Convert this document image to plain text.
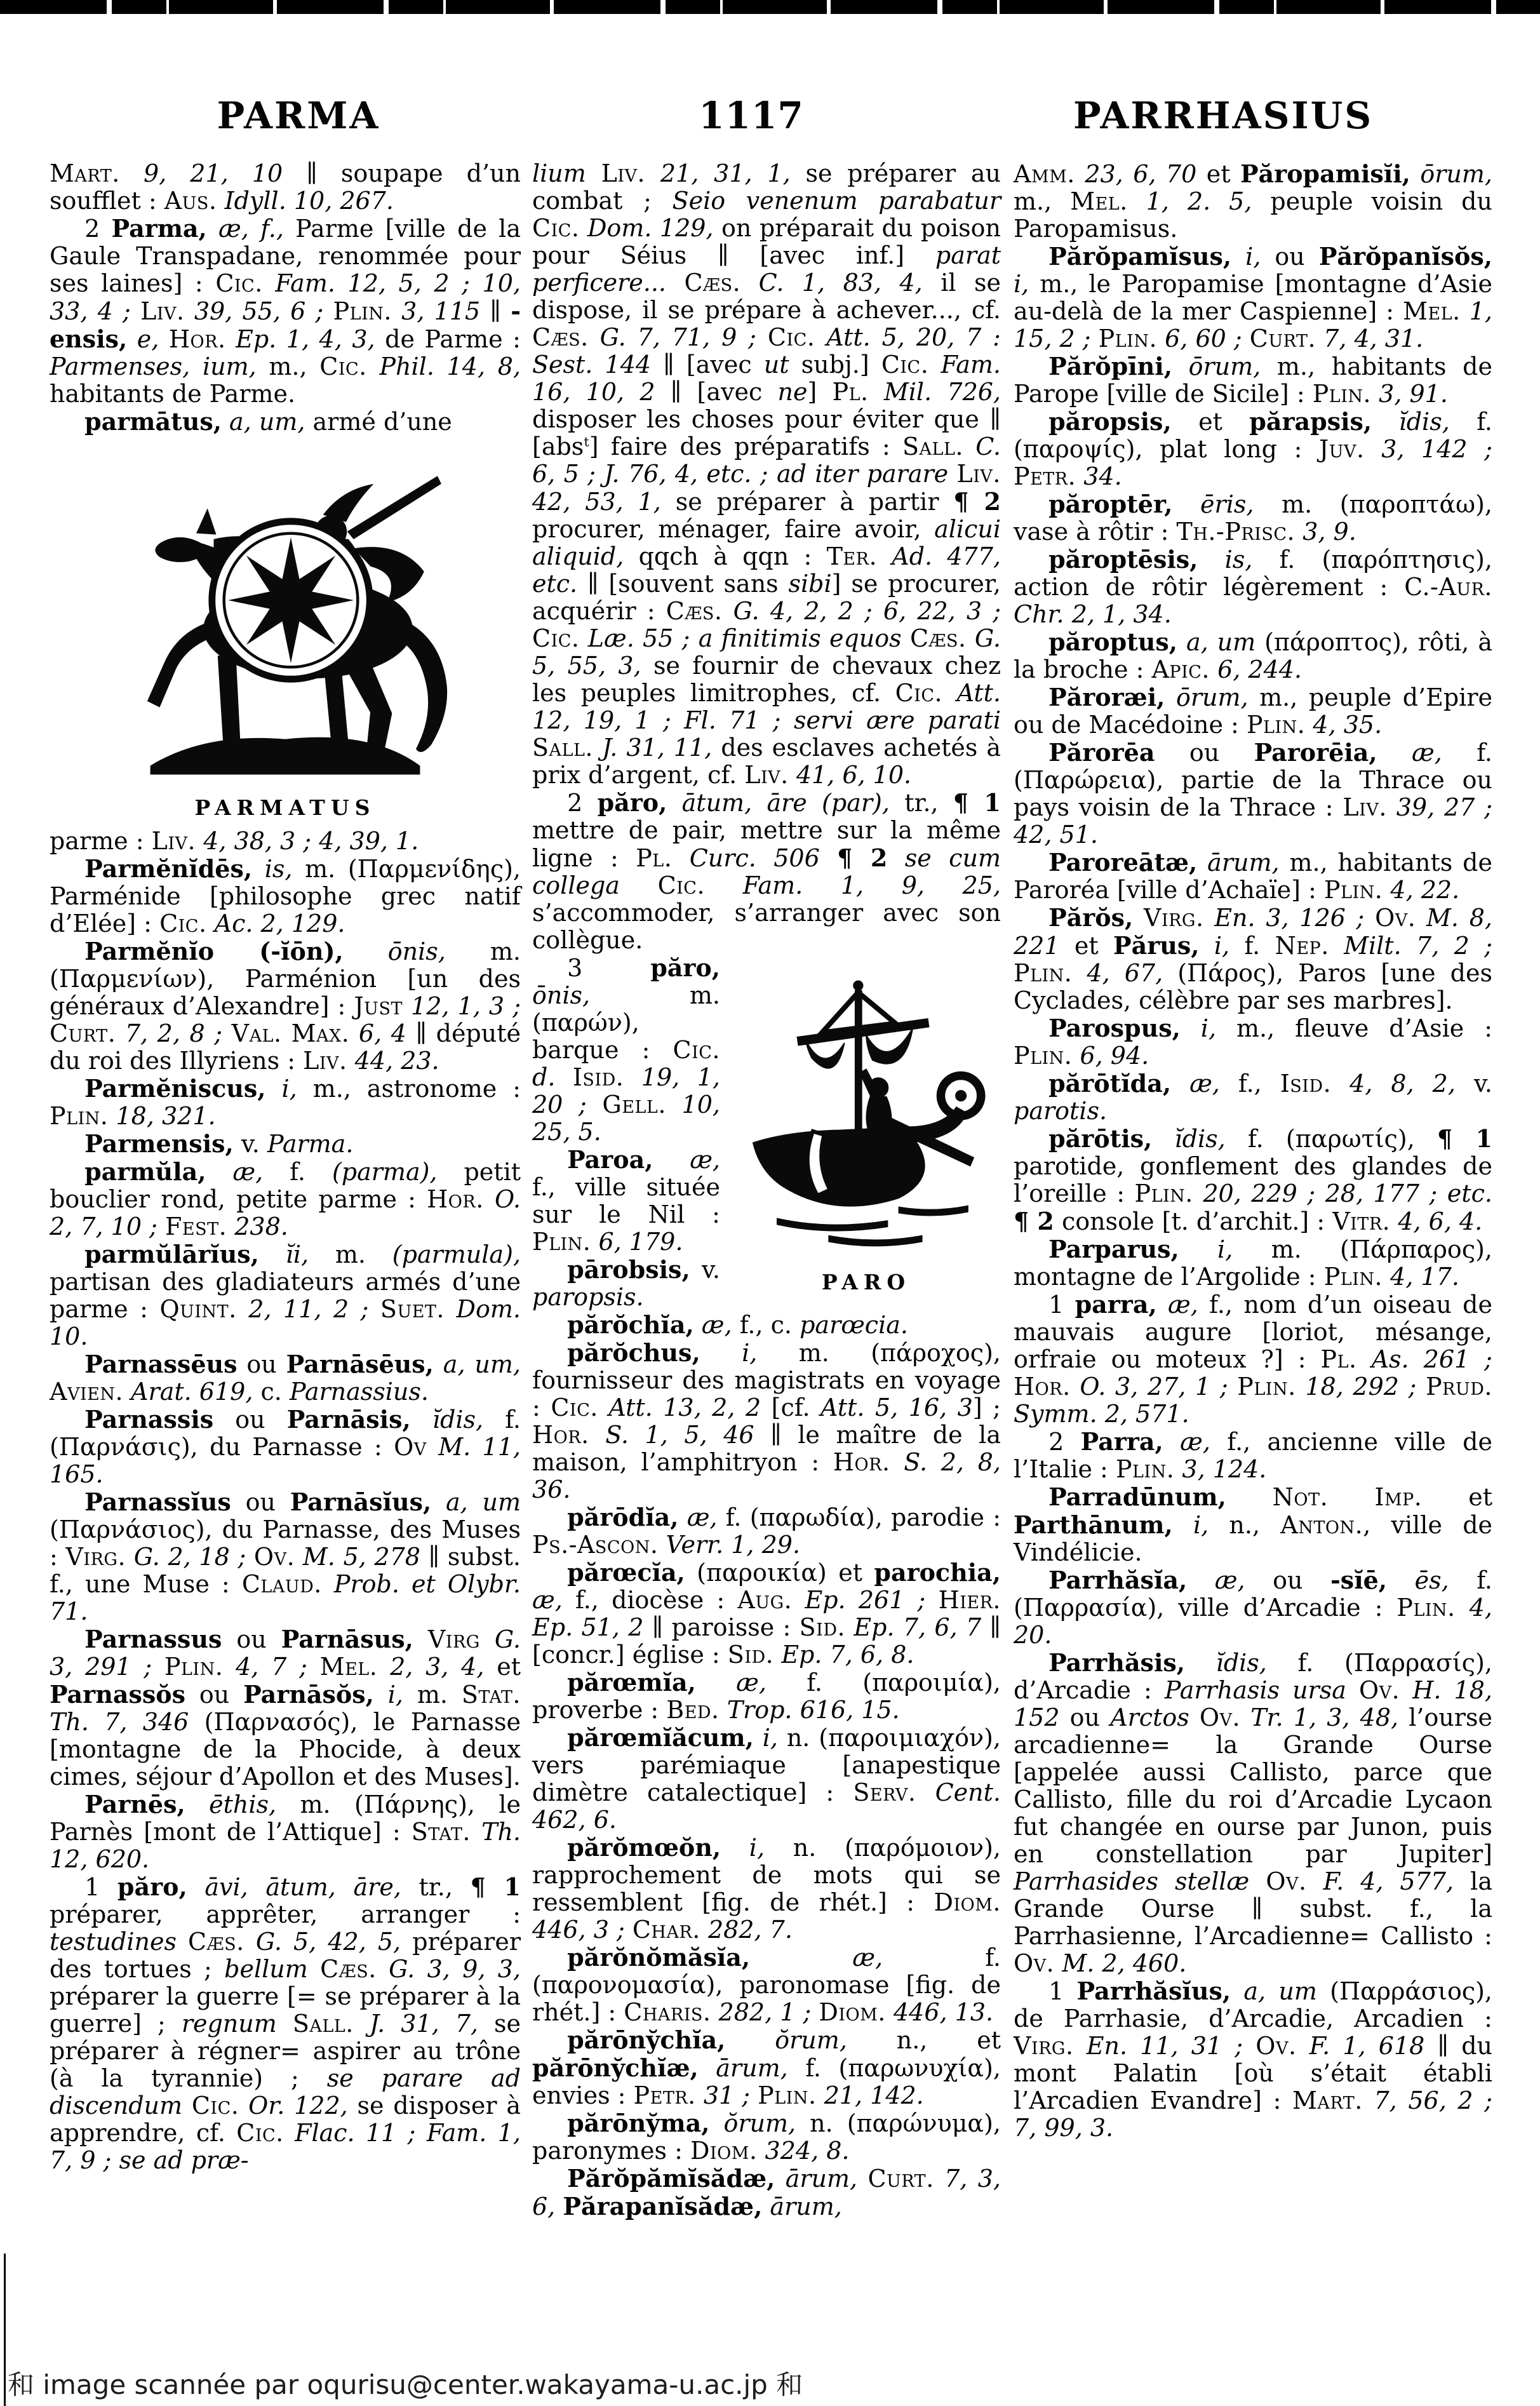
PARMA	1117	PARRHASIUS

Mart. 9, 21, 10 ∥ soupape d’un soufflet : Aus. Idyll. 10, 267.

2 Parma, æ, f., Parme [ville de la Gaule Transpadane, renommée pour ses laines] : Cic. Fam. 12, 5, 2 ; 10, 33, 4 ; Liv. 39, 55, 6 ; Plin. 3, 115 ∥ -ensis, e, Hor. Ep. 1, 4, 3, de Parme : Parmenses, ium, m., Cic. Phil. 14, 8, habitants de Parme.

parmātus, a, um, armé d’une

PARMATUS

parme : Liv. 4, 38, 3 ; 4, 39, 1.

Parmĕnĭdēs, is, m. (Παρμενίδης), Parménide [philosophe grec natif d’Elée] : Cic. Ac. 2, 129.

Parmĕnĭo (-ĭōn), ōnis, m. (Παρμενίων), Parménion [un des généraux d’Alexandre] : Just 12, 1, 3 ; Curt. 7, 2, 8 ; Val. Max. 6, 4 ∥ député du roi des Illyriens : Liv. 44, 23.

Parmĕniscus, i, m., astronome : Plin. 18, 321.

Parmensis, v. Parma.

parmŭla, æ, f. (parma), petit bouclier rond, petite parme : Hor. O. 2, 7, 10 ; Fest. 238.

parmŭlārĭus, ĭi, m. (parmula), partisan des gladiateurs armés d’une parme : Quint. 2, 11, 2 ; Suet. Dom. 10.

Parnassēus ou Parnāsēus, a, um, Avien. Arat. 619, c. Parnassius.

Parnassis ou Parnāsis, ĭdis, f. (Παρνάσις), du Parnasse : Ov M. 11, 165.

Parnassĭus ou Parnāsĭus, a, um (Παρνάσιος), du Parnasse, des Muses : Virg. G. 2, 18 ; Ov. M. 5, 278 ∥ subst. f., une Muse : Claud. Prob. et Olybr. 71.

Parnassus ou Parnāsus, Virg G. 3, 291 ; Plin. 4, 7 ; Mel. 2, 3, 4, et Parnassŏs ou Parnāsŏs, i, m. Stat. Th. 7, 346 (Παρνασός), le Parnasse [montagne de la Phocide, à deux cimes, séjour d’Apollon et des Muses].

Parnēs, ēthis, m. (Πάρνης), le Parnès [mont de l’Attique] : Stat. Th. 12, 620.

1 păro, āvi, ātum, āre, tr., ¶ 1 préparer, apprêter, arranger : testudines Cæs. G. 5, 42, 5, préparer des tortues ; bellum Cæs. G. 3, 9, 3, préparer la guerre [= se préparer à la guerre] ; regnum Sall. J. 31, 7, se préparer à régner= aspirer au trône (à la tyrannie) ; se parare ad discendum Cic. Or. 122, se disposer à apprendre, cf. Cic. Flac. 11 ; Fam. 1, 7, 9 ; se ad præ-

lium Liv. 21, 31, 1, se préparer au combat ; Seio venenum parabatur Cic. Dom. 129, on préparait du poison pour Séius ∥ [avec inf.] parat perficere... Cæs. C. 1, 83, 4, il se dispose, il se prépare à achever..., cf. Cæs. G. 7, 71, 9 ; Cic. Att. 5, 20, 7 : Sest. 144 ∥ [avec ut subj.] Cic. Fam. 16, 10, 2 ∥ [avec ne] Pl. Mil. 726, disposer les choses pour éviter que ∥ [abs$^t$] faire des préparatifs : Sall. C. 6, 5 ; J. 76, 4, etc. ; ad iter parare Liv. 42, 53, 1, se préparer à partir ¶ 2 procurer, ménager, faire avoir, alicui aliquid, qqch à qqn : Ter. Ad. 477, etc. ∥ [souvent sans sibi] se procurer, acquérir : Cæs. G. 4, 2, 2 ; 6, 22, 3 ; Cic. Læ. 55 ; a finitimis equos Cæs. G. 5, 55, 3, se fournir de chevaux chez les peuples limitrophes, cf. Cic. Att. 12, 19, 1 ; Fl. 71 ; servi ære parati Sall. J. 31, 11, des esclaves achetés à prix d’argent, cf. Liv. 41, 6, 10.

2 păro, ātum, āre (par), tr., ¶ 1 mettre de pair, mettre sur la même ligne : Pl. Curc. 506 ¶ 2 se cum collega Cic. Fam. 1, 9, 25, s’accommoder, s’arranger avec son collègue.

PARO

3 păro, ōnis, m. (παρών), barque : Cic. d. Isid. 19, 1, 20 ; Gell. 10, 25, 5.

Paroa, æ, f., ville située sur le Nil : Plin. 6, 179.

pārobsis, v. paropsis.

părŏchĭa, æ, f., c. parœcia.

părŏchus, i, m. (πάροχος), fournisseur des magistrats en voyage : Cic. Att. 13, 2, 2 [cf. Att. 5, 16, 3] ; Hor. S. 1, 5, 46 ∥ le maître de la maison, l’amphitryon : Hor. S. 2, 8, 36.

părōdĭa, æ, f. (παρωδία), parodie : Ps.-Ascon. Verr. 1, 29.

părœcĭa, (παροικία) et parochia, æ, f., diocèse : Aug. Ep. 261 ; Hier. Ep. 51, 2 ∥ paroisse : Sid. Ep. 7, 6, 7 ∥ [concr.] église : Sid. Ep. 7, 6, 8.

părœmĭa, æ, f. (παροιμία), proverbe : Bed. Trop. 616, 15.

părœmĭăcum, i, n. (παροιμιαχόν), vers parémiaque [anapestique dimètre catalectique] : Serv. Cent. 462, 6.

părŏmœŏn, i, n. (παρόμοιον), rapprochement de mots qui se ressemblent [fig. de rhét.] : Diom. 446, 3 ; Char. 282, 7.

părŏnŏmăsĭa, æ, f. (παρονομασία), paronomase [fig. de rhét.] : Charis. 282, 1 ; Diom. 446, 13.

părōny̆chĭa, ŏrum, n., et părōny̆chĭæ, ārum, f. (παρωνυχία), envies : Petr. 31 ; Plin. 21, 142.

părōny̆ma, ŏrum, n. (παρώνυμα), paronymes : Diom. 324, 8.

Părŏpămĭsădæ, ārum, Curt. 7, 3, 6, Părapanĭsădæ, ārum,

Amm. 23, 6, 70 et Păropamisĭi, ōrum, m., Mel. 1, 2. 5, peuple voisin du Paropamisus.

Părŏpamĭsus, i, ou Părŏpanĭsŏs, i, m., le Paropamise [montagne d’Asie au-delà de la mer Caspienne] : Mel. 1, 15, 2 ; Plin. 6, 60 ; Curt. 7, 4, 31.

Părŏpīni, ōrum, m., habitants de Parope [ville de Sicile] : Plin. 3, 91.

păropsis, et părapsis, ĭdis, f. (παροψίς), plat long : Juv. 3, 142 ; Petr. 34.

păroptēr, ēris, m. (παροπτάω), vase à rôtir : Th.-Prisc. 3, 9.

păroptēsis, is, f. (παρόπτησις), action de rôtir légèrement : C.-Aur. Chr. 2, 1, 34.

păroptus, a, um (πάροπτος), rôti, à la broche : Apic. 6, 244.

Păroræi, ōrum, m., peuple d’Epire ou de Macédoine : Plin. 4, 35.

Părorēa ou Parorēia, æ, f. (Παρώρεια), partie de la Thrace ou pays voisin de la Thrace : Liv. 39, 27 ; 42, 51.

Paroreātæ, ārum, m., habitants de Paroréa [ville d’Achaïe] : Plin. 4, 22.

Părŏs, Virg. En. 3, 126 ; Ov. M. 8, 221 et Părus, i, f. Nep. Milt. 7, 2 ; Plin. 4, 67, (Πάρος), Paros [une des Cyclades, célèbre par ses marbres].

Parospus, i, m., fleuve d’Asie : Plin. 6, 94.

părōtĭda, æ, f., Isid. 4, 8, 2, v. parotis.

părōtis, ĭdis, f. (παρωτίς), ¶ 1 parotide, gonflement des glandes de l’oreille : Plin. 20, 229 ; 28, 177 ; etc. ¶ 2 console [t. d’archit.] : Vitr. 4, 6, 4.

Parparus, i, m. (Πάρπαρος), montagne de l’Argolide : Plin. 4, 17.

1 parra, æ, f., nom d’un oiseau de mauvais augure [loriot, mésange, orfraie ou moteux ?] : Pl. As. 261 ; Hor. O. 3, 27, 1 ; Plin. 18, 292 ; Prud. Symm. 2, 571.

2 Parra, æ, f., ancienne ville de l’Italie : Plin. 3, 124.

Parradūnum, Not. Imp. et Parthānum, i, n., Anton., ville de Vindélicie.

Parrhăsĭa, æ, ou -sĭē, ēs, f. (Παρρασία), ville d’Arcadie : Plin. 4, 20.

Parrhăsis, ĭdis, f. (Παρρασίς), d’Arcadie : Parrhasis ursa Ov. H. 18, 152 ou Arctos Ov. Tr. 1, 3, 48, l’ourse arcadienne= la Grande Ourse [appelée aussi Callisto, parce que Callisto, fille du roi d’Arcadie Lycaon fut changée en ourse par Junon, puis en constellation par Jupiter] Parrhasides stellæ Ov. F. 4, 577, la Grande Ourse ∥ subst. f., la Parrhasienne, l’Arcadienne= Callisto : Ov. M. 2, 460.

1 Parrhăsĭus, a, um (Παρράσιος), de Parrhasie, d’Arcadie, Arcadien : Virg. En. 11, 31 ; Ov. F. 1, 618 ∥ du mont Palatin [où s’était établi l’Arcadien Evandre] : Mart. 7, 56, 2 ; 7, 99, 3.

和 image scannée par oqurisu@center.wakayama-u.ac.jp 和
